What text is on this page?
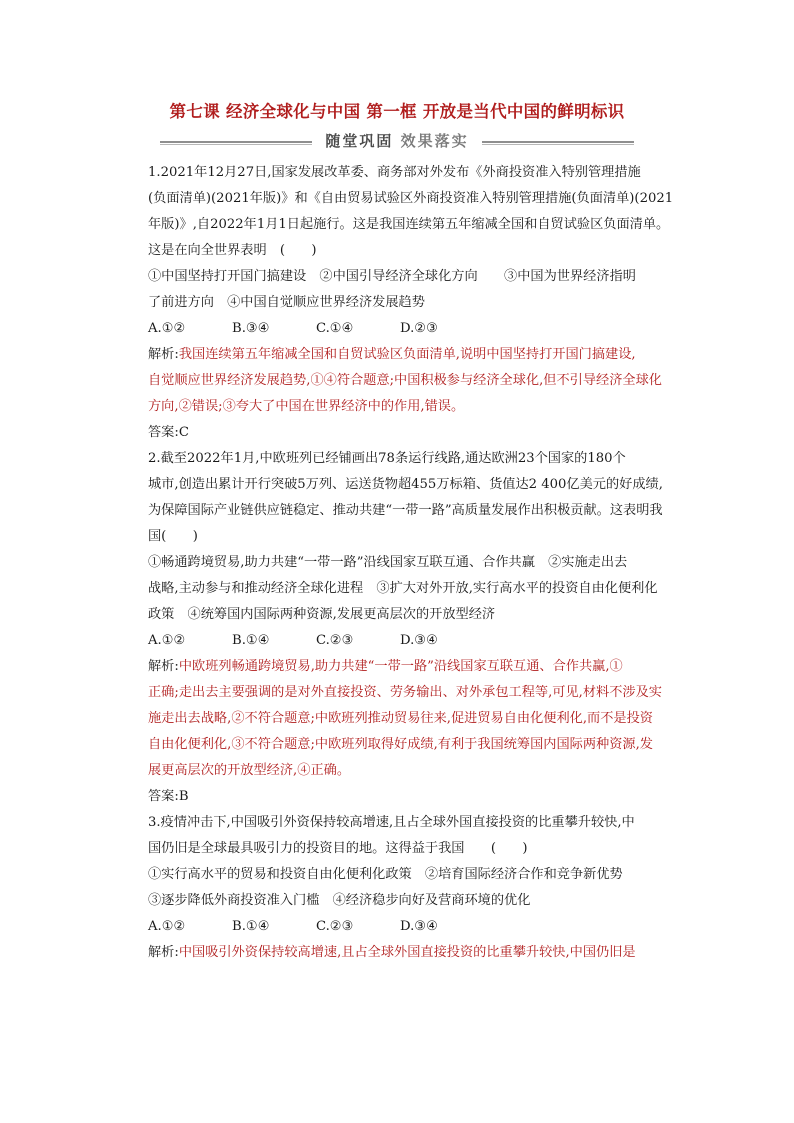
第七课 经济全球化与中国 第一框 开放是当代中国的鲜明标识
随堂巩固 效果落实
1.2021年12月27日,国家发展改革委、商务部对外发布《外商投资准入特别管理措施
(负面清单)(2021年版)》和《自由贸易试验区外商投资准入特别管理措施(负面清单)(2021
年版)》,自2022年1月1日起施行。这是我国连续第五年缩减全国和自贸试验区负面清单。
这是在向全世界表明　(　　)
①中国坚持打开国门搞建设　②中国引导经济全球化方向　　③中国为世界经济指明
了前进方向　④中国自觉顺应世界经济发展趋势
A.①②	B.③④	C.①④	D.②③
解析:我国连续第五年缩减全国和自贸试验区负面清单,说明中国坚持打开国门搞建设,
自觉顺应世界经济发展趋势,①④符合题意;中国积极参与经济全球化,但不引导经济全球化
方向,②错误;③夸大了中国在世界经济中的作用,错误。
答案:C
2.截至2022年1月,中欧班列已经铺画出78条运行线路,通达欧洲23个国家的180个
城市,创造出累计开行突破5万列、运送货物超455万标箱、货值达2 400亿美元的好成绩,
为保障国际产业链供应链稳定、推动共建“一带一路”高质量发展作出积极贡献。这表明我
国(　　)
①畅通跨境贸易,助力共建“一带一路”沿线国家互联互通、合作共赢　②实施走出去
战略,主动参与和推动经济全球化进程　③扩大对外开放,实行高水平的投资自由化便利化
政策　④统筹国内国际两种资源,发展更高层次的开放型经济
A.①②	B.①④	C.②③	D.③④
解析:中欧班列畅通跨境贸易,助力共建“一带一路”沿线国家互联互通、合作共赢,①
正确;走出去主要强调的是对外直接投资、劳务输出、对外承包工程等,可见,材料不涉及实
施走出去战略,②不符合题意;中欧班列推动贸易往来,促进贸易自由化便利化,而不是投资
自由化便利化,③不符合题意;中欧班列取得好成绩,有利于我国统筹国内国际两种资源,发
展更高层次的开放型经济,④正确。
答案:B
3.疫情冲击下,中国吸引外资保持较高增速,且占全球外国直接投资的比重攀升较快,中
国仍旧是全球最具吸引力的投资目的地。这得益于我国　　(　　)
①实行高水平的贸易和投资自由化便利化政策　②培育国际经济合作和竞争新优势
③逐步降低外商投资准入门槛　④经济稳步向好及营商环境的优化
A.①②	B.①④	C.②③	D.③④
解析:中国吸引外资保持较高增速,且占全球外国直接投资的比重攀升较快,中国仍旧是
